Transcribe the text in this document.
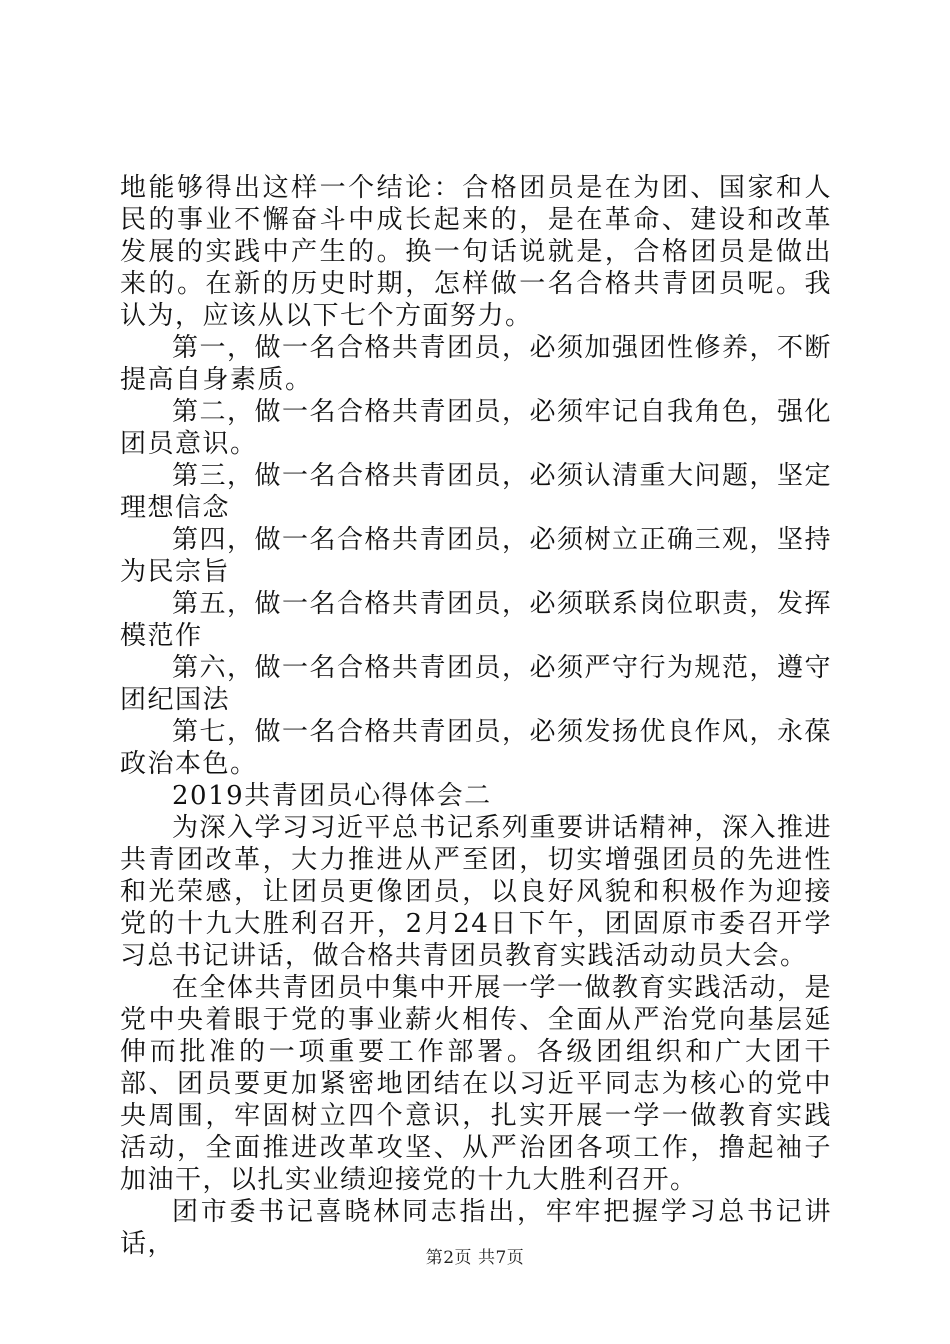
地能够得出这样一个结论：合格团员是在为团、国家和人民的事业不懈奋斗中成长起来的，是在革命、建设和改革发展的实践中产生的。换一句话说就是，合格团员是做出来的。在新的历史时期，怎样做一名合格共青团员呢。我认为，应该从以下七个方面努力。

第一，做一名合格共青团员，必须加强团性修养，不断提高自身素质。

第二，做一名合格共青团员，必须牢记自我角色，强化团员意识。

第三，做一名合格共青团员，必须认清重大问题，坚定理想信念

第四，做一名合格共青团员，必须树立正确三观，坚持为民宗旨

第五，做一名合格共青团员，必须联系岗位职责，发挥模范作

第六，做一名合格共青团员，必须严守行为规范，遵守团纪国法

第七，做一名合格共青团员，必须发扬优良作风，永葆政治本色。

2019共青团员心得体会二

为深入学习习近平总书记系列重要讲话精神，深入推进共青团改革，大力推进从严至团，切实增强团员的先进性和光荣感，让团员更像团员，以良好风貌和积极作为迎接党的十九大胜利召开，2月24日下午，团固原市委召开学习总书记讲话，做合格共青团员教育实践活动动员大会。

在全体共青团员中集中开展一学一做教育实践活动，是党中央着眼于党的事业薪火相传、全面从严治党向基层延伸而批准的一项重要工作部署。各级团组织和广大团干部、团员要更加紧密地团结在以习近平同志为核心的党中央周围，牢固树立四个意识，扎实开展一学一做教育实践活动，全面推进改革攻坚、从严治团各项工作，撸起袖子加油干，以扎实业绩迎接党的十九大胜利召开。

团市委书记喜晓林同志指出，牢牢把握学习总书记讲话，	第2页 共7页
